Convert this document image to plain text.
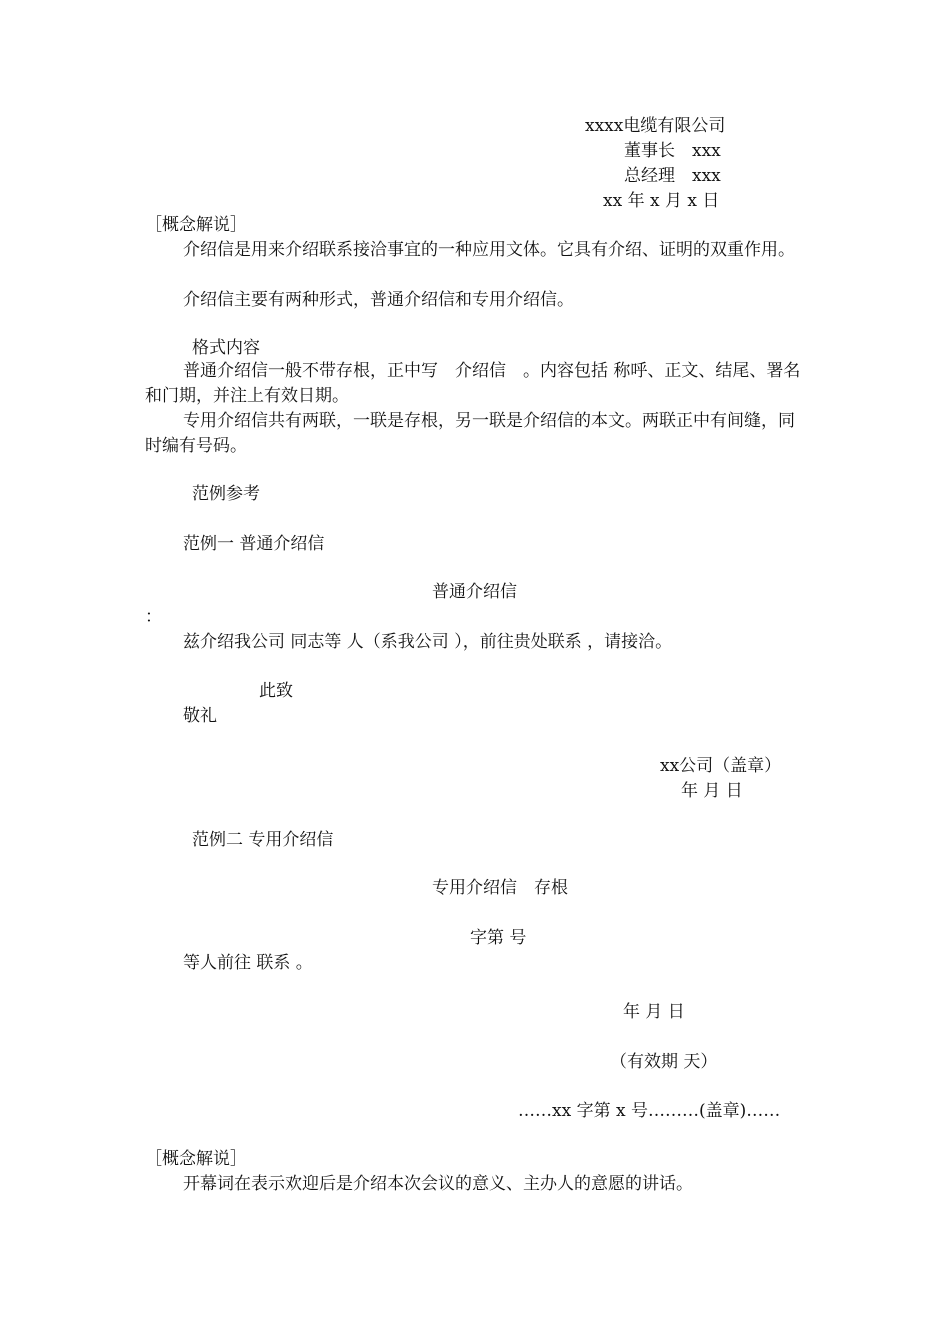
xxxx电缆有限公司
董事长　xxx
总经理　xxx
xx 年 x 月 x 日
［概念解说］
介绍信是用来介绍联系接洽事宜的一种应用文体。它具有介绍、证明的双重作用。
介绍信主要有两种形式，普通介绍信和专用介绍信。
格式内容
普通介绍信一般不带存根，正中写　介绍信　。内容包括 称呼、正文、结尾、署名和门期，并注上有效日期。
专用介绍信共有两联，一联是存根，另一联是介绍信的本文。两联正中有间缝，同时编有号码。
范例参考
范例一 普通介绍信
普通介绍信
：
兹介绍我公司 同志等 人（系我公司 ），前往贵处联系 ，请接洽。
此致
敬礼
xx公司（盖章）
年 月 日
范例二 专用介绍信
专用介绍信　存根
字第 号
等人前往 联系 。
年 月 日
（有效期 天）
……xx 字第 x 号………(盖章)……
［概念解说］
开幕词在表示欢迎后是介绍本次会议的意义、主办人的意愿的讲话。
